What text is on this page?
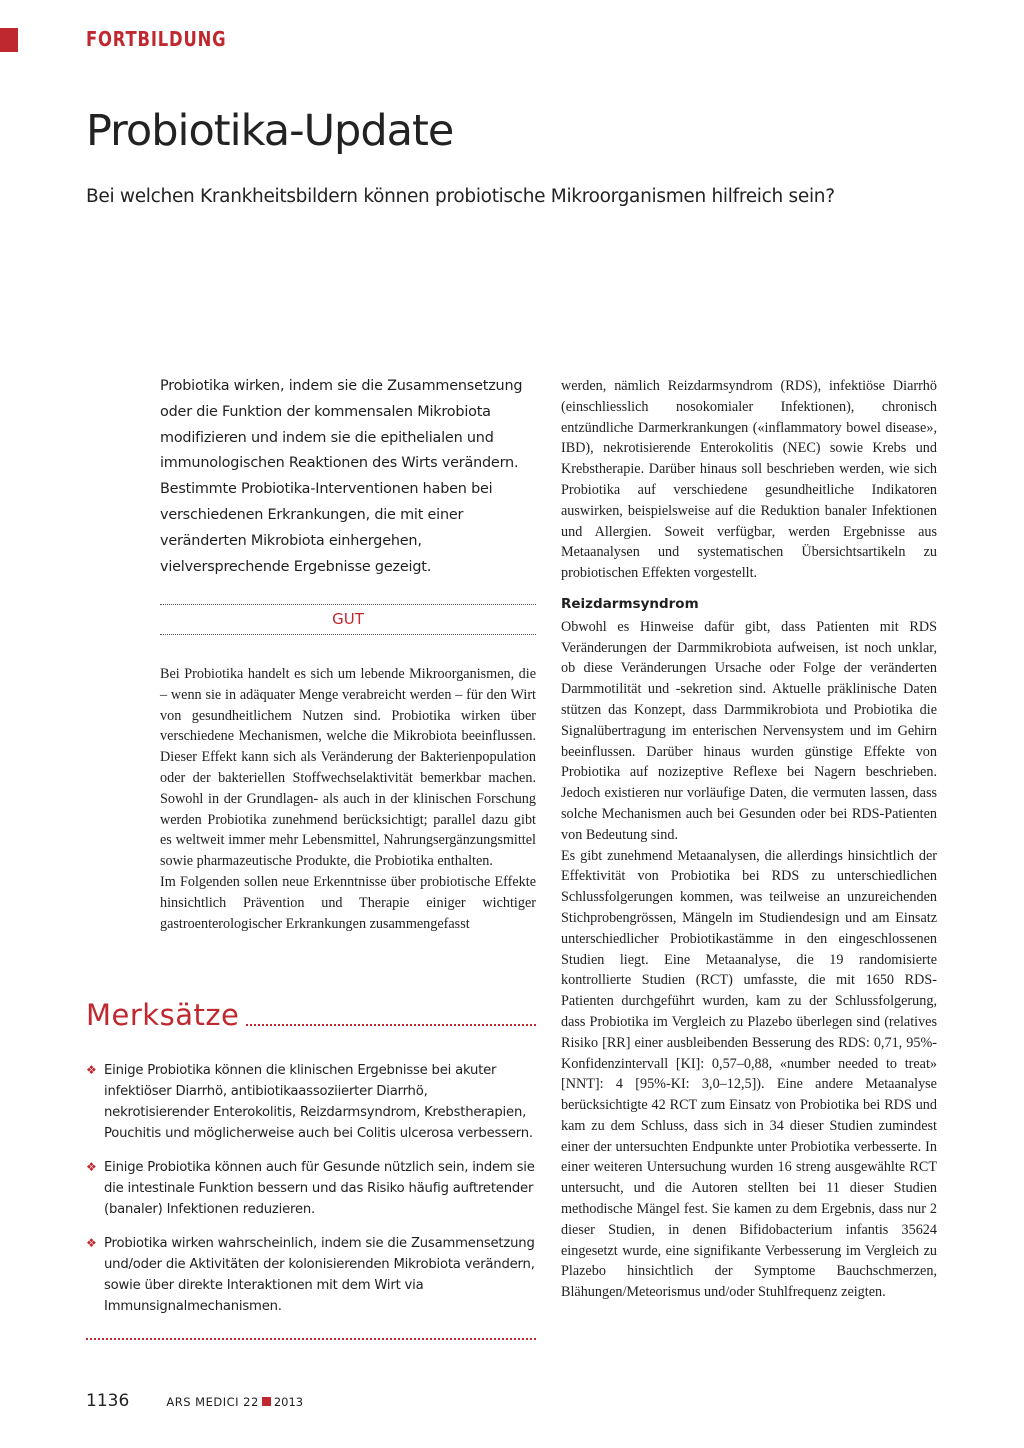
FORTBILDUNG
Probiotika-Update
Bei welchen Krankheitsbildern können probiotische Mikroorganismen hilfreich sein?
Probiotika wirken, indem sie die Zusammensetzung oder die Funktion der kommensalen Mikrobiota modifizieren und indem sie die epithelialen und immunologischen Reaktionen des Wirts verändern. Bestimmte Probiotika-Interventionen haben bei verschiedenen Erkrankungen, die mit einer veränderten Mikrobiota einhergehen, vielversprechende Ergebnisse gezeigt.
GUT

Bei Probiotika handelt es sich um lebende Mikroorganismen, die – wenn sie in adäquater Menge verabreicht werden – für den Wirt von gesundheitlichem Nutzen sind. Probiotika wirken über verschiedene Mechanismen, welche die Mikrobiota beeinflussen. Dieser Effekt kann sich als Veränderung der Bakterienpopulation oder der bakteriellen Stoffwechselaktivität bemerkbar machen. Sowohl in der Grundlagen- als auch in der klinischen Forschung werden Probiotika zunehmend berücksichtigt; parallel dazu gibt es weltweit immer mehr Lebensmittel, Nahrungsergänzungsmittel sowie pharmazeutische Produkte, die Probiotika enthalten.

Im Folgenden sollen neue Erkenntnisse über probiotische Effekte hinsichtlich Prävention und Therapie einiger wichtiger gastroenterologischer Erkrankungen zusammengefasst

Merksätze
❖ Einige Probiotika können die klinischen Ergebnisse bei akuter infektiöser Diarrhö, antibiotikaassoziierter Diarrhö, nekrotisierender Enterokolitis, Reizdarmsyndrom, Krebstherapien, Pouchitis und möglicherweise auch bei Colitis ulcerosa verbessern.
❖ Einige Probiotika können auch für Gesunde nützlich sein, indem sie die intestinale Funktion bessern und das Risiko häufig auftretender (banaler) Infektionen reduzieren.
❖ Probiotika wirken wahrscheinlich, indem sie die Zusammensetzung und/oder die Aktivitäten der kolonisierenden Mikrobiota verändern, sowie über direkte Interaktionen mit dem Wirt via Immunsignalmechanismen.

werden, nämlich Reizdarmsyndrom (RDS), infektiöse Diarrhö (einschliesslich nosokomialer Infektionen), chronisch entzündliche Darmerkrankungen («inflammatory bowel disease», IBD), nekrotisierende Enterokolitis (NEC) sowie Krebs und Krebstherapie. Darüber hinaus soll beschrieben werden, wie sich Probiotika auf verschiedene gesundheitliche Indikatoren auswirken, beispielsweise auf die Reduktion banaler Infektionen und Allergien. Soweit verfügbar, werden Ergebnisse aus Metaanalysen und systematischen Übersichtsartikeln zu probiotischen Effekten vorgestellt.

Reizdarmsyndrom

Obwohl es Hinweise dafür gibt, dass Patienten mit RDS Veränderungen der Darmmikrobiota aufweisen, ist noch unklar, ob diese Veränderungen Ursache oder Folge der veränderten Darmmotilität und -sekretion sind. Aktuelle präklinische Daten stützen das Konzept, dass Darmmikrobiota und Probiotika die Signalübertragung im enterischen Nervensystem und im Gehirn beeinflussen. Darüber hinaus wurden günstige Effekte von Probiotika auf nozizeptive Reflexe bei Nagern beschrieben. Jedoch existieren nur vorläufige Daten, die vermuten lassen, dass solche Mechanismen auch bei Gesunden oder bei RDS-Patienten von Bedeutung sind.

Es gibt zunehmend Metaanalysen, die allerdings hinsichtlich der Effektivität von Probiotika bei RDS zu unterschiedlichen Schlussfolgerungen kommen, was teilweise an unzureichenden Stichprobengrössen, Mängeln im Studiendesign und am Einsatz unterschiedlicher Probiotikastämme in den eingeschlossenen Studien liegt. Eine Metaanalyse, die 19 randomisierte kontrollierte Studien (RCT) umfasste, die mit 1650 RDS-Patienten durchgeführt wurden, kam zu der Schlussfolgerung, dass Probiotika im Vergleich zu Plazebo überlegen sind (relatives Risiko [RR] einer ausbleibenden Besserung des RDS: 0,71, 95%-Konfidenzintervall [KI]: 0,57–0,88, «number needed to treat» [NNT]: 4 [95%-KI: 3,0–12,5]). Eine andere Metaanalyse berücksichtigte 42 RCT zum Einsatz von Probiotika bei RDS und kam zu dem Schluss, dass sich in 34 dieser Studien zumindest einer der untersuchten Endpunkte unter Probiotika verbesserte. In einer weiteren Untersuchung wurden 16 streng ausgewählte RCT untersucht, und die Autoren stellten bei 11 dieser Studien methodische Mängel fest. Sie kamen zu dem Ergebnis, dass nur 2 dieser Studien, in denen Bifidobacterium infantis 35624 eingesetzt wurde, eine signifikante Verbesserung im Vergleich zu Plazebo hinsichtlich der Symptome Bauchschmerzen, Blähungen/Meteorismus und/oder Stuhlfrequenz zeigten.

1136	ARS MEDICI 22 2013
